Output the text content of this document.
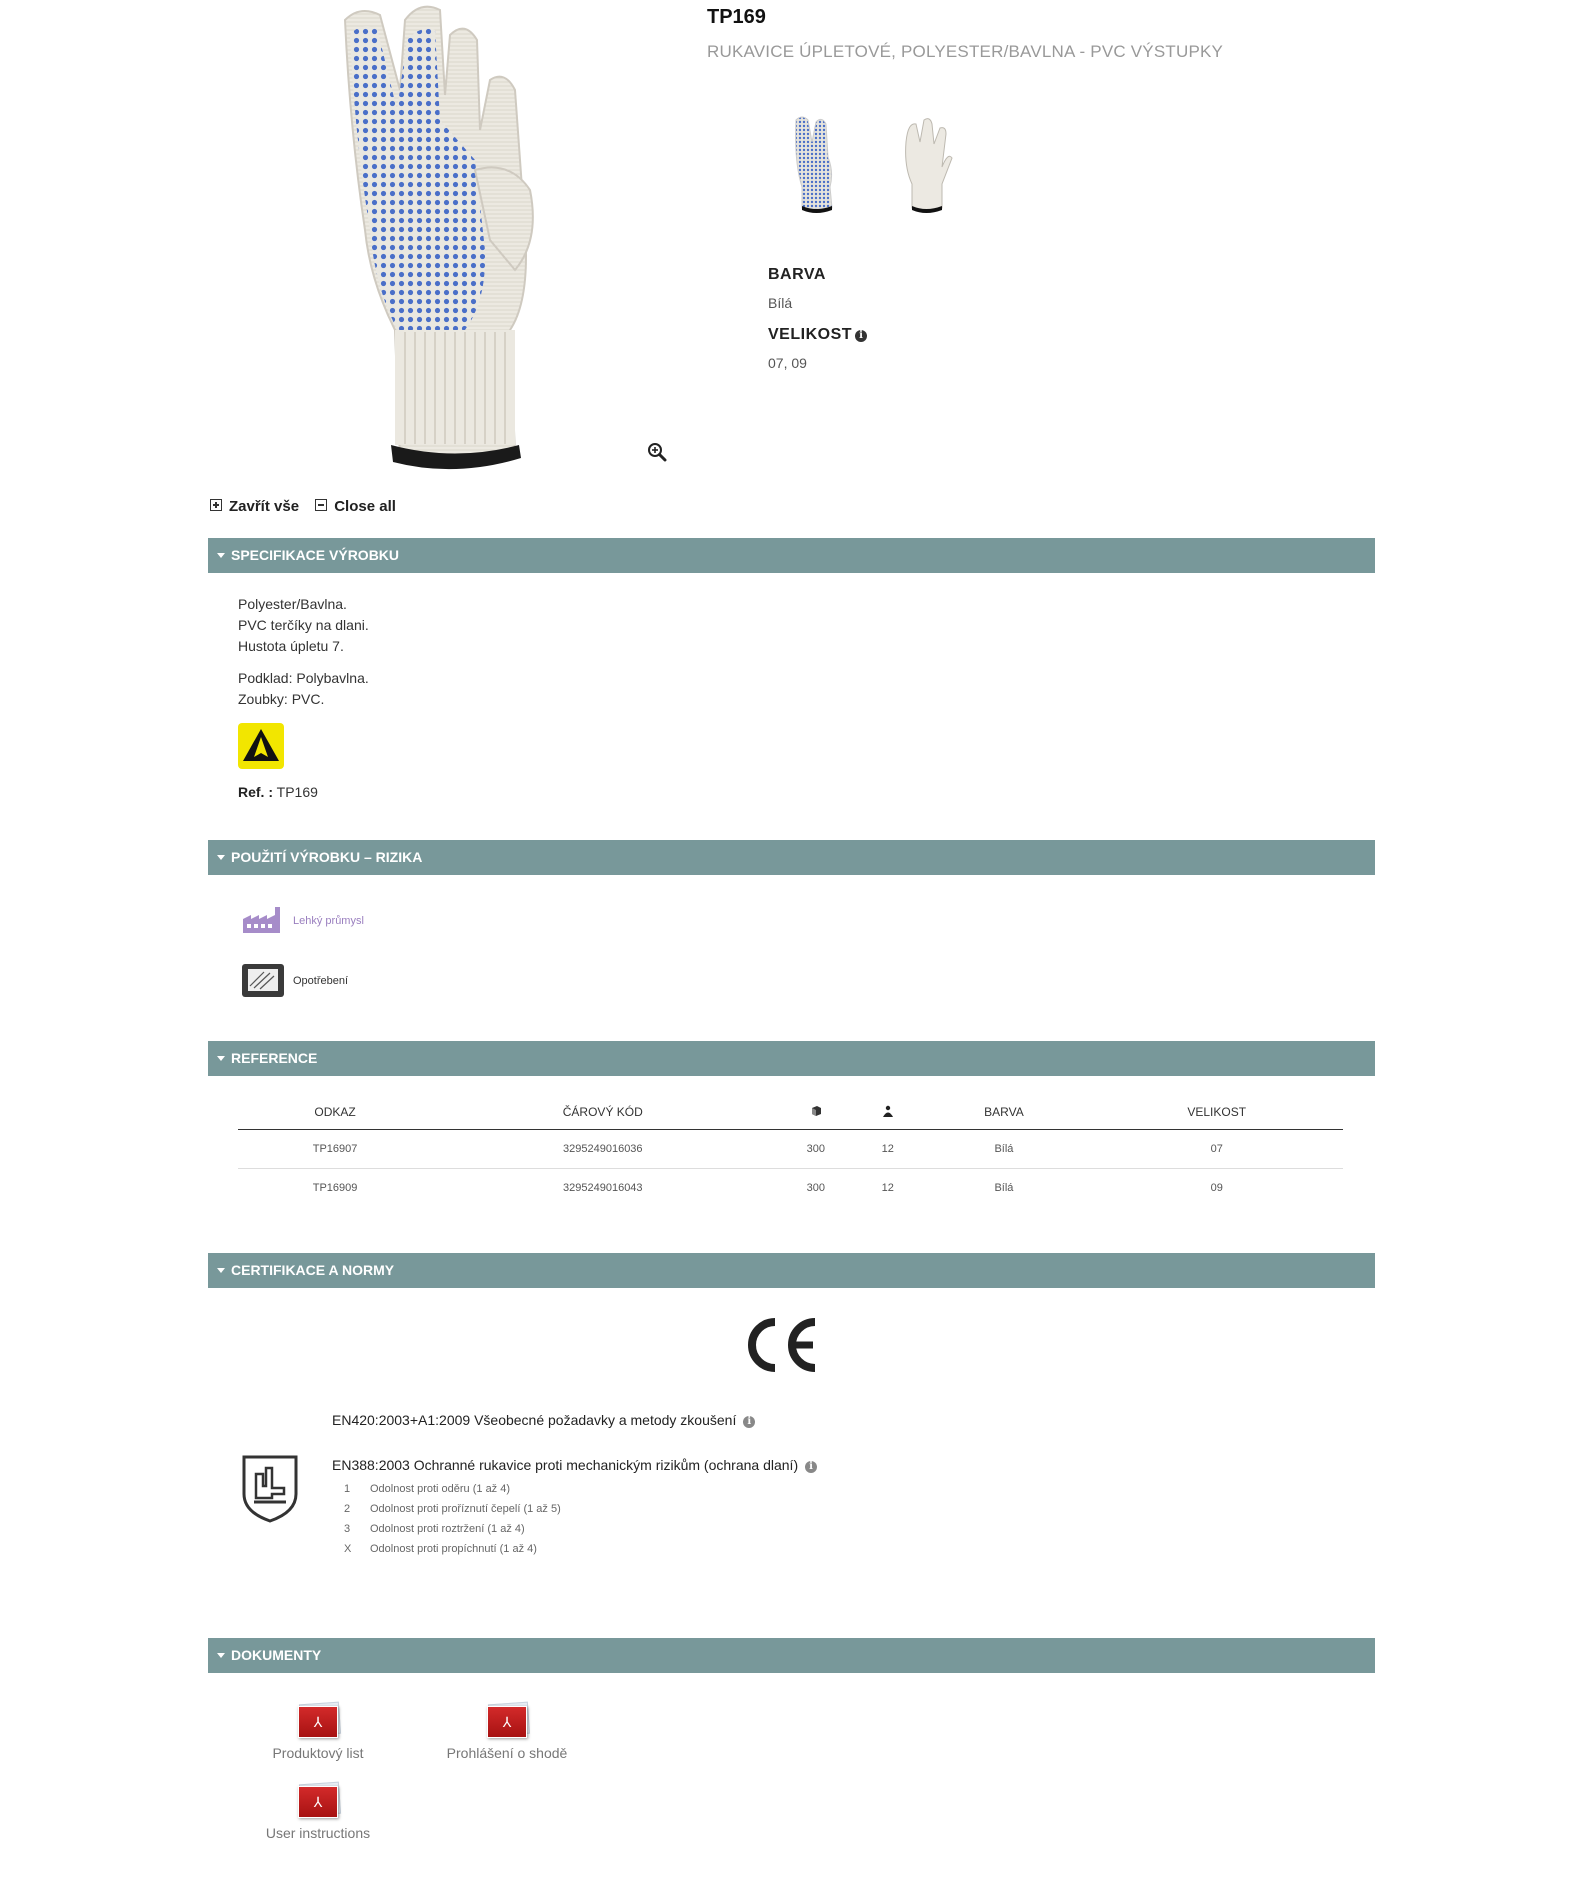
TP169
RUKAVICE ÚPLETOVÉ, POLYESTER/BAVLNA - PVC VÝSTUPKY
BARVA
Bílá
VELIKOST i
07, 09
Zavřít vše Close all
SPECIFIKACE VÝROBKU
Polyester/Bavlna.
PVC terčíky na dlani.
Hustota úpletu 7.
Podklad: Polybavlna.
Zoubky: PVC.
Ref. : TP169
POUŽITÍ VÝROBKU – RIZIKA
Lehký průmysl
Opotřebení
REFERENCE
ODKAZ	ČÁROVÝ KÓD			BARVA	VELIKOST
TP16907	3295249016036	300	12	Bílá	07
TP16909	3295249016043	300	12	Bílá	09
CERTIFIKACE A NORMY
EN420:2003+A1:2009 Všeobecné požadavky a metody zkoušení i
EN388:2003 Ochranné rukavice proti mechanickým rizikům (ochrana dlaní) i
1 Odolnost proti oděru (1 až 4)
2 Odolnost proti proříznutí čepelí (1 až 5)
3 Odolnost proti roztržení (1 až 4)
X Odolnost proti propíchnutí (1 až 4)
DOKUMENTY
⅄
Produktový list
⅄
Prohlášení o shodě
⅄
User instructions
